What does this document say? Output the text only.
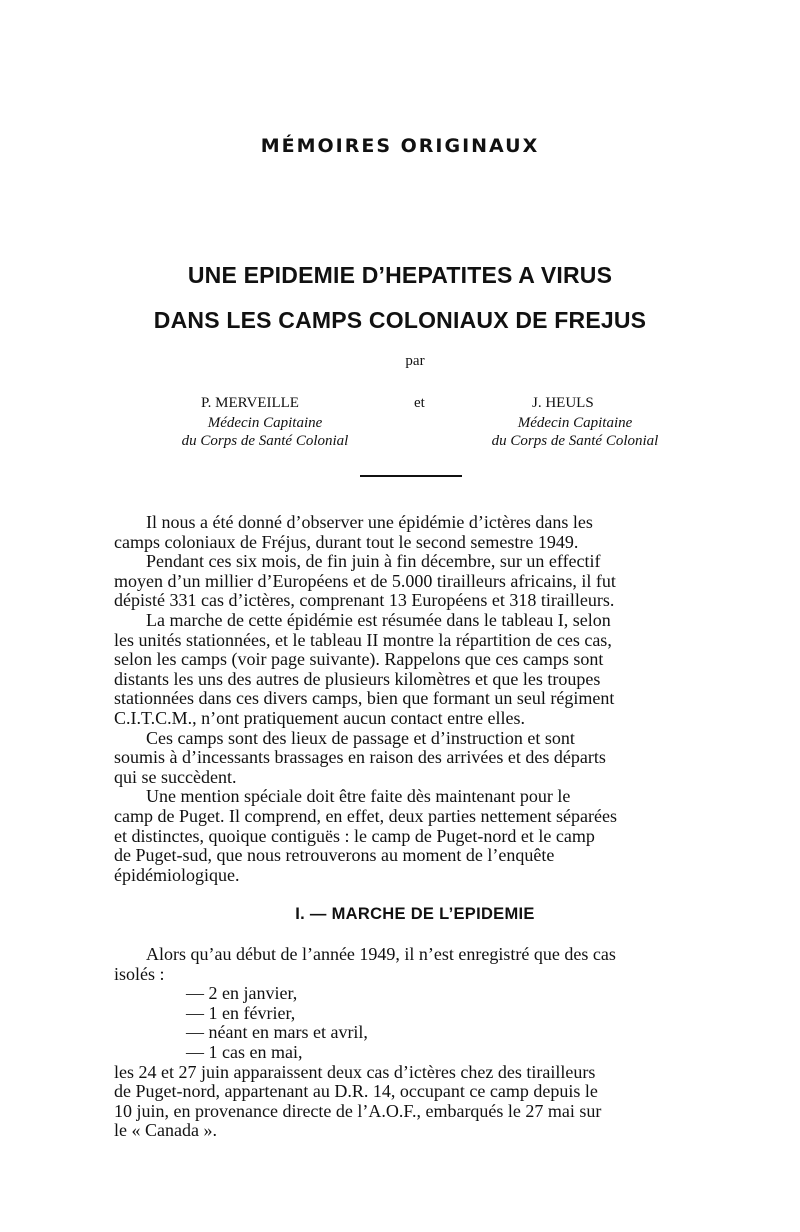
MÉMOIRES ORIGINAUX
UNE EPIDEMIE D’HEPATITES A VIRUS
DANS LES CAMPS COLONIAUX DE FREJUS
par
P. MERVEILLE	et	J. HEULS
Médecin Capitaine
du Corps de Santé Colonial
Médecin Capitaine
du Corps de Santé Colonial

Il nous a été donné d’observer une épidémie d’ictères dans les

camps coloniaux de Fréjus, durant tout le second semestre 1949.

Pendant ces six mois, de fin juin à fin décembre, sur un effectif

moyen d’un millier d’Européens et de 5.000 tirailleurs africains, il fut

dépisté 331 cas d’ictères, comprenant 13 Européens et 318 tirailleurs.

La marche de cette épidémie est résumée dans le tableau I, selon

les unités stationnées, et le tableau II montre la répartition de ces cas,

selon les camps (voir page suivante). Rappelons que ces camps sont

distants les uns des autres de plusieurs kilomètres et que les troupes

stationnées dans ces divers camps, bien que formant un seul régiment

C.I.T.C.M., n’ont pratiquement aucun contact entre elles.

Ces camps sont des lieux de passage et d’instruction et sont

soumis à d’incessants brassages en raison des arrivées et des départs

qui se succèdent.

Une mention spéciale doit être faite dès maintenant pour le

camp de Puget. Il comprend, en effet, deux parties nettement séparées

et distinctes, quoique contiguës : le camp de Puget-nord et le camp

de Puget-sud, que nous retrouverons au moment de l’enquête

épidémiologique.

I. — MARCHE DE L’EPIDEMIE

Alors qu’au début de l’année 1949, il n’est enregistré que des cas

isolés :

— 2 en janvier,

— 1 en février,

— néant en mars et avril,

— 1 cas en mai,

les 24 et 27 juin apparaissent deux cas d’ictères chez des tirailleurs

de Puget-nord, appartenant au D.R. 14, occupant ce camp depuis le

10 juin, en provenance directe de l’A.O.F., embarqués le 27 mai sur

le « Canada ».
